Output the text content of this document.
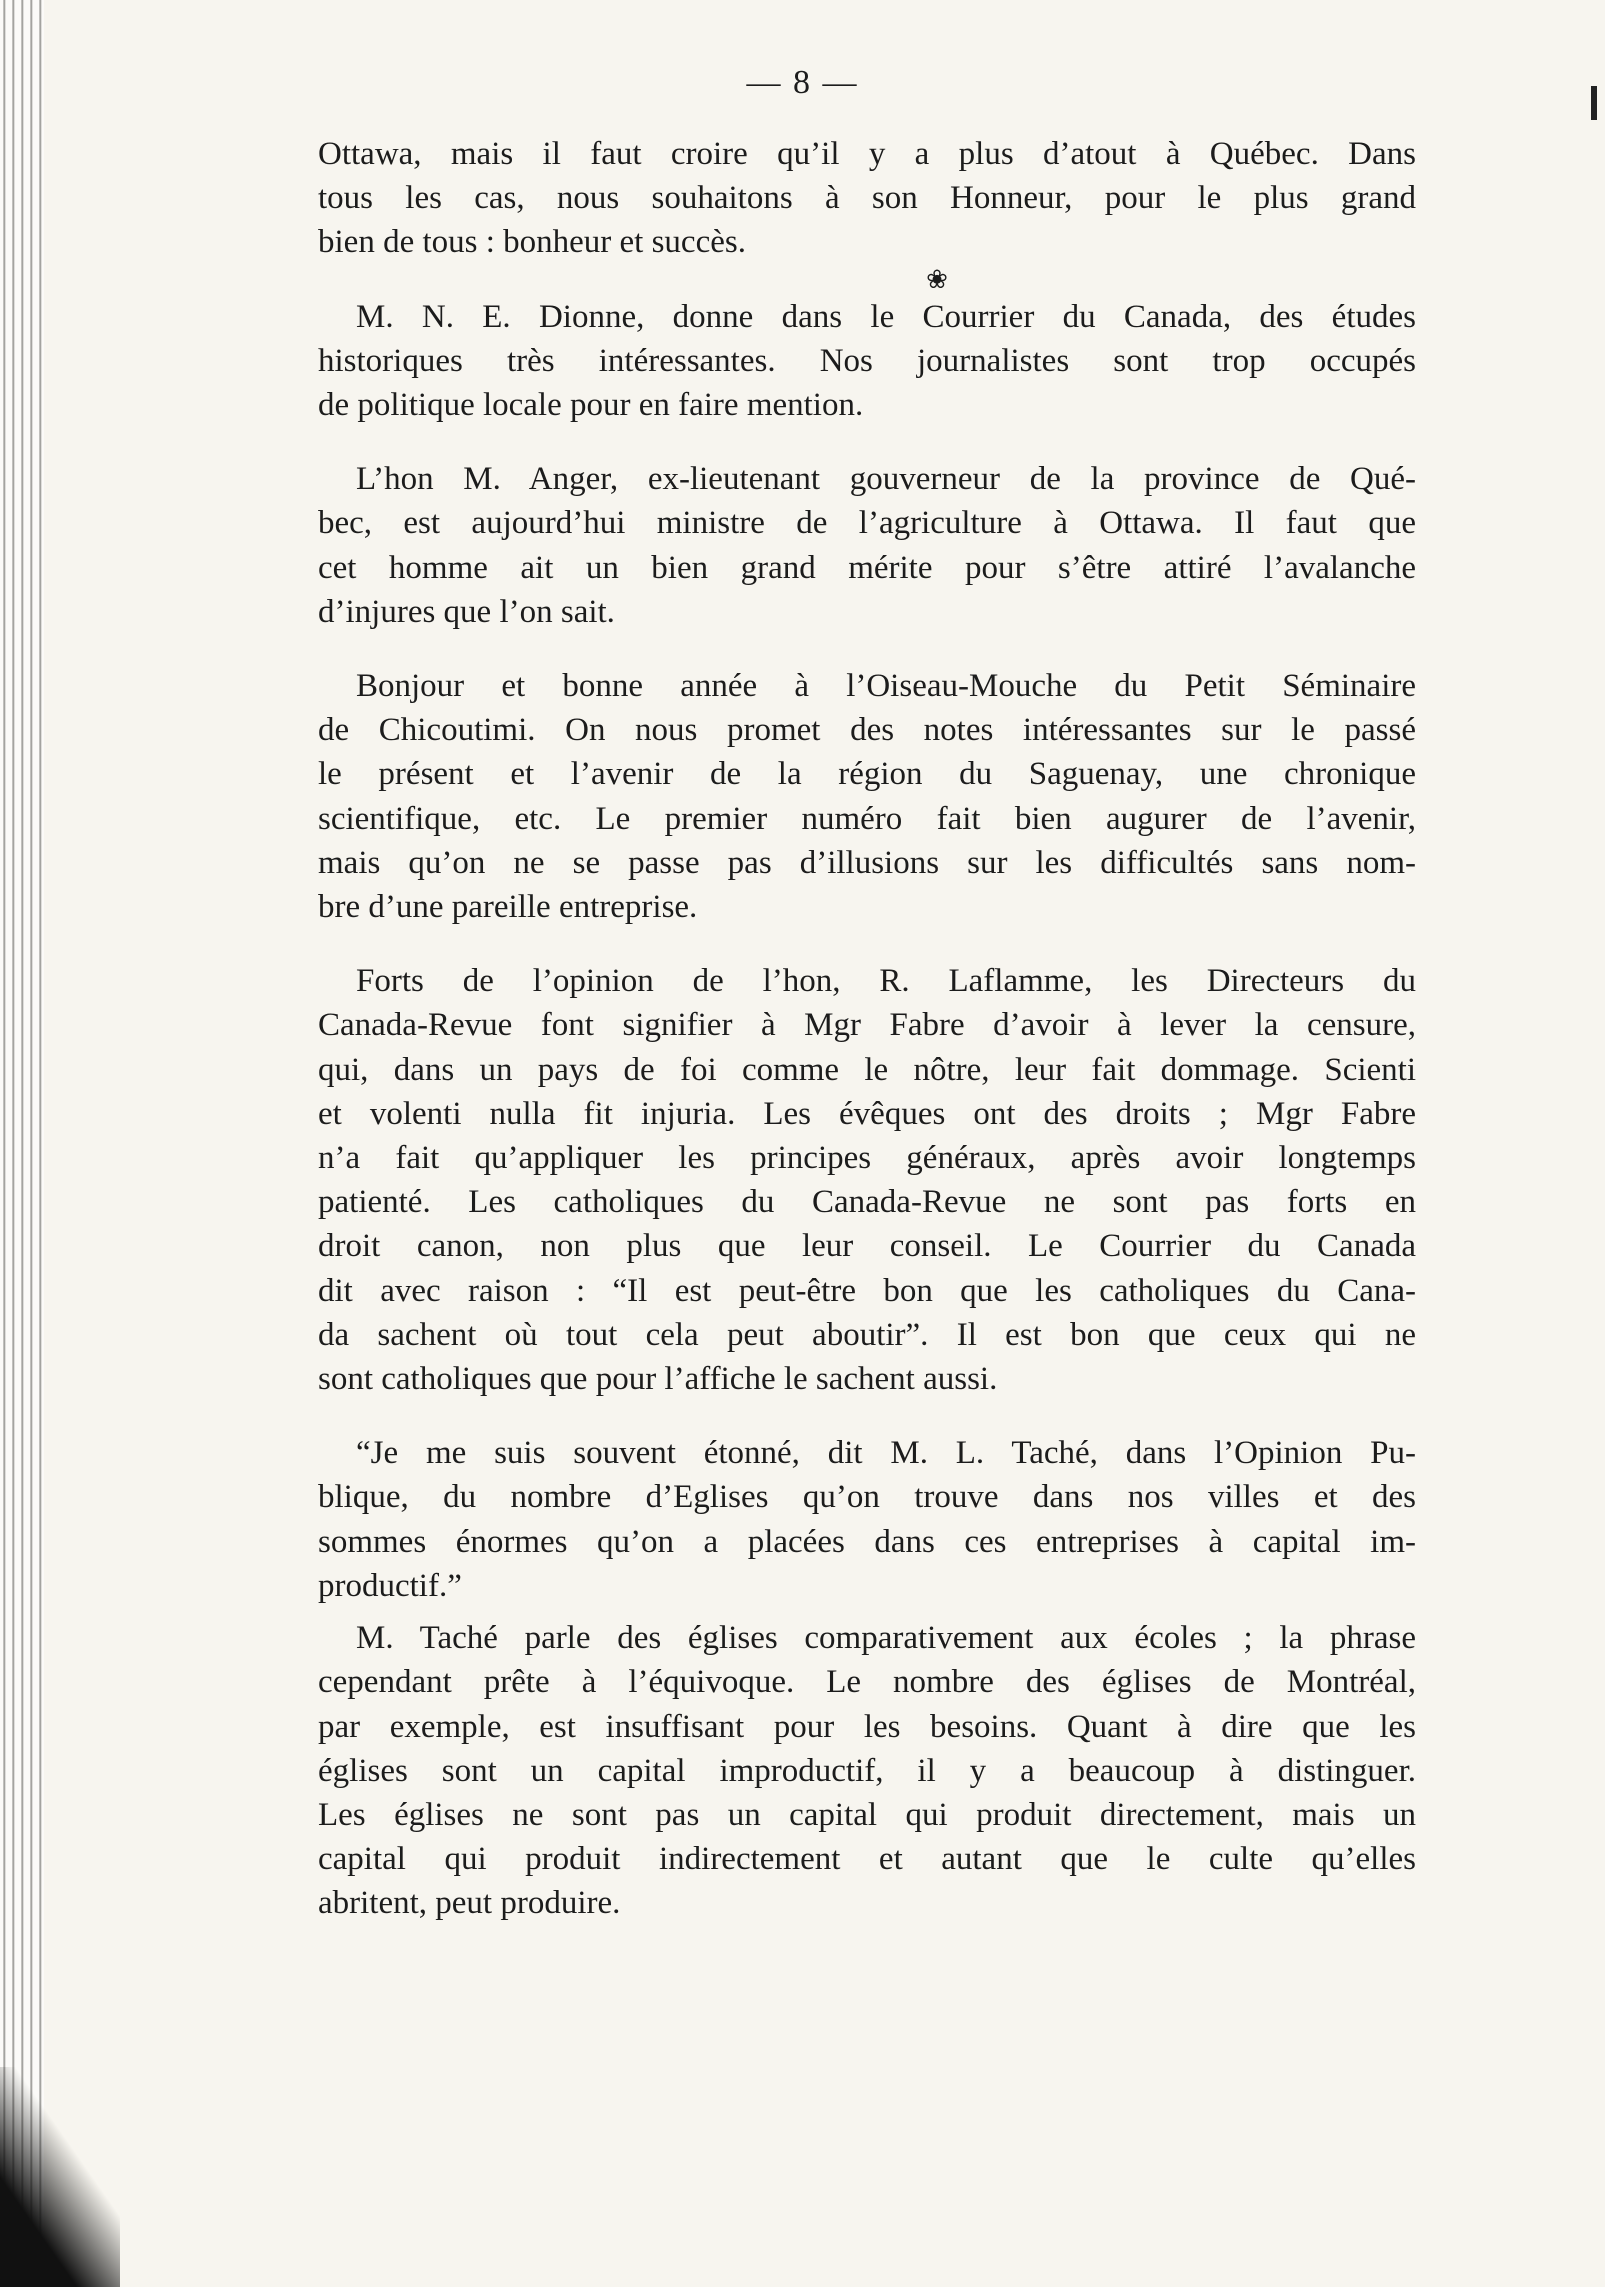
— 8 —
Ottawa, mais il faut croire qu’il y a plus d’atout à Québec. Dans
tous les cas, nous souhaitons à son Honneur, pour le plus grand
bien de tous : bonheur et succès.
❀
M. N. E. Dionne, donne dans le Courrier du Canada, des études
historiques très intéressantes. Nos journalistes sont trop occupés
de politique locale pour en faire mention.
L’hon M. Anger, ex-lieutenant gouverneur de la province de Qué-
bec, est aujourd’hui ministre de l’agriculture à Ottawa. Il faut que
cet homme ait un bien grand mérite pour s’être attiré l’avalanche
d’injures que l’on sait.
Bonjour et bonne année à l’Oiseau-Mouche du Petit Séminaire
de Chicoutimi. On nous promet des notes intéressantes sur le passé
le présent et l’avenir de la région du Saguenay, une chronique
scientifique, etc. Le premier numéro fait bien augurer de l’avenir,
mais qu’on ne se passe pas d’illusions sur les difficultés sans nom-
bre d’une pareille entreprise.
Forts de l’opinion de l’hon, R. Laflamme, les Directeurs du
Canada-Revue font signifier à Mgr Fabre d’avoir à lever la censure,
qui, dans un pays de foi comme le nôtre, leur fait dommage. Scienti
et volenti nulla fit injuria. Les évêques ont des droits ; Mgr Fabre
n’a fait qu’appliquer les principes généraux, après avoir longtemps
patienté. Les catholiques du Canada-Revue ne sont pas forts en
droit canon, non plus que leur conseil. Le Courrier du Canada
dit avec raison : “Il est peut-être bon que les catholiques du Cana-
da sachent où tout cela peut aboutir”. Il est bon que ceux qui ne
sont catholiques que pour l’affiche le sachent aussi.
“Je me suis souvent étonné, dit M. L. Taché, dans l’Opinion Pu-
blique, du nombre d’Eglises qu’on trouve dans nos villes et des
sommes énormes qu’on a placées dans ces entreprises à capital im-
productif.”
M. Taché parle des églises comparativement aux écoles ; la phrase
cependant prête à l’équivoque. Le nombre des églises de Montréal,
par exemple, est insuffisant pour les besoins. Quant à dire que les
églises sont un capital improductif, il y a beaucoup à distinguer.
Les églises ne sont pas un capital qui produit directement, mais un
capital qui produit indirectement et autant que le culte qu’elles
abritent, peut produire.
